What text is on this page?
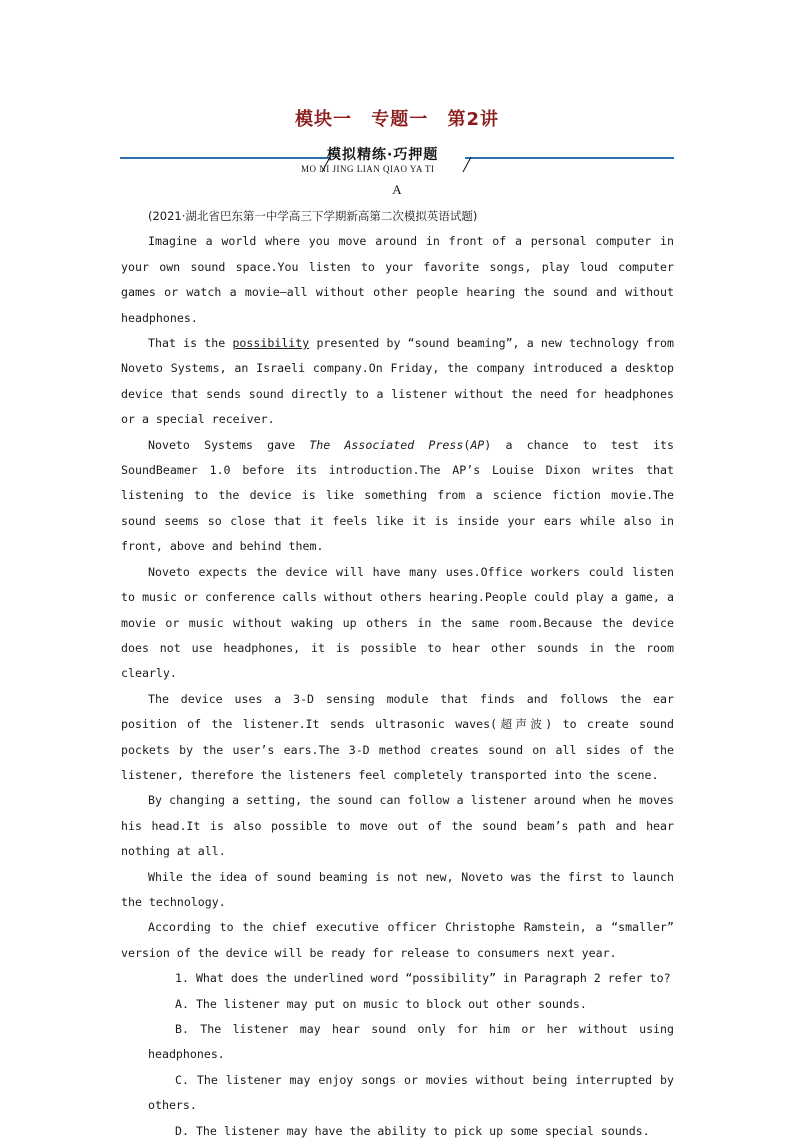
模块一 专题一 第2讲
模拟精练·巧押题
MO NI JING LIAN QIAO YA TI
A

(2021·湖北省巴东第一中学高三下学期新高第二次模拟英语试题)

Imagine a world where you move around in front of a personal computer in your own sound space.You listen to your favorite songs, play loud computer games or watch a movie—all without other people hearing the sound and without headphones.

That is the possibility presented by “sound beaming”, a new technology from Noveto Systems, an Israeli company.On Friday, the company introduced a desktop device that sends sound directly to a listener without the need for headphones or a special receiver.

Noveto Systems gave The Associated Press(AP) a chance to test its SoundBeamer 1.0 before its introduction.The AP’s Louise Dixon writes that listening to the device is like something from a science fiction movie.The sound seems so close that it feels like it is inside your ears while also in front, above and behind them.

Noveto expects the device will have many uses.Office workers could listen to music or conference calls without others hearing.People could play a game, a movie or music without waking up others in the same room.Because the device does not use headphones, it is possible to hear other sounds in the room clearly.

The device uses a 3-D sensing module that finds and follows the ear position of the listener.It sends ultrasonic waves(超声波) to create sound pockets by the user’s ears.The 3-D method creates sound on all sides of the listener, therefore the listeners feel completely transported into the scene.

By changing a setting, the sound can follow a listener around when he moves his head.It is also possible to move out of the sound beam’s path and hear nothing at all.

While the idea of sound beaming is not new, Noveto was the first to launch the technology.

According to the chief executive officer Christophe Ramstein, a “smaller” version of the device will be ready for release to consumers next year.

1. What does the underlined word “possibility” in Paragraph 2 refer to?

A. The listener may put on music to block out other sounds.

B. The listener may hear sound only for him or her without using headphones.

C. The listener may enjoy songs or movies without being interrupted by others.

D. The listener may have the ability to pick up some special sounds.
